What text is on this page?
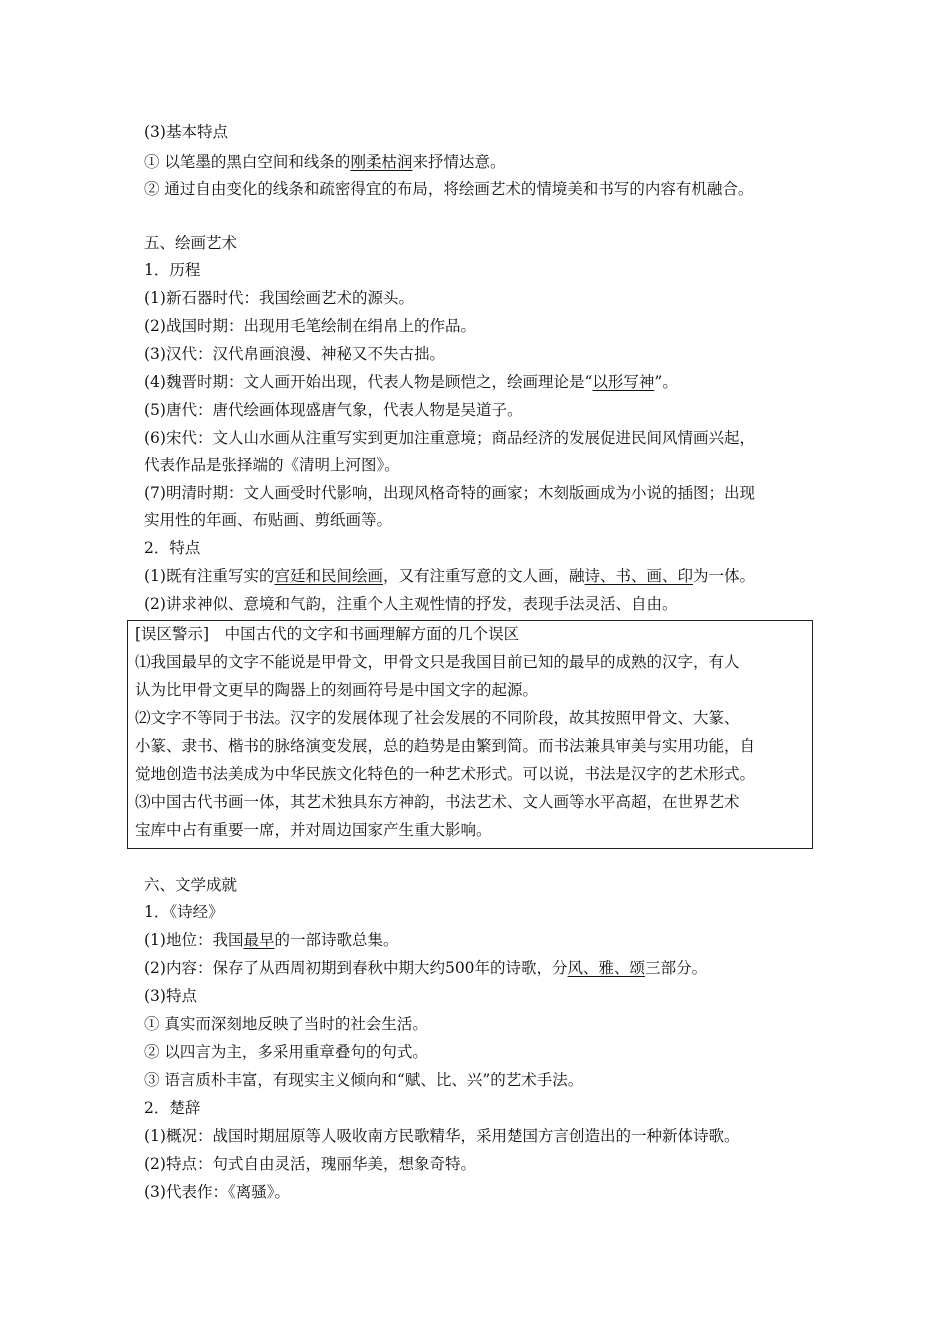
(3)基本特点
① 以笔墨的黑白空间和线条的刚柔枯润来抒情达意。
② 通过自由变化的线条和疏密得宜的布局，将绘画艺术的情境美和书写的内容有机融合。
五、绘画艺术
1．历程
(1)新石器时代：我国绘画艺术的源头。
(2)战国时期：出现用毛笔绘制在绢帛上的作品。
(3)汉代：汉代帛画浪漫、神秘又不失古拙。
(4)魏晋时期：文人画开始出现，代表人物是顾恺之，绘画理论是“以形写神”。
(5)唐代：唐代绘画体现盛唐气象，代表人物是吴道子。
(6)宋代：文人山水画从注重写实到更加注重意境；商品经济的发展促进民间风情画兴起，
代表作品是张择端的《清明上河图》。
(7)明清时期：文人画受时代影响，出现风格奇特的画家；木刻版画成为小说的插图；出现
实用性的年画、布贴画、剪纸画等。
2．特点
(1)既有注重写实的宫廷和民间绘画，又有注重写意的文人画，融诗、书、画、印为一体。
(2)讲求神似、意境和气韵，注重个人主观性情的抒发，表现手法灵活、自由。
[误区警示]　中国古代的文字和书画理解方面的几个误区
⑴我国最早的文字不能说是甲骨文，甲骨文只是我国目前已知的最早的成熟的汉字，有人
认为比甲骨文更早的陶器上的刻画符号是中国文字的起源。
⑵文字不等同于书法。汉字的发展体现了社会发展的不同阶段，故其按照甲骨文、大篆、
小篆、隶书、楷书的脉络演变发展，总的趋势是由繁到简。而书法兼具审美与实用功能，自
觉地创造书法美成为中华民族文化特色的一种艺术形式。可以说，书法是汉字的艺术形式。
⑶中国古代书画一体，其艺术独具东方神韵，书法艺术、文人画等水平高超，在世界艺术
宝库中占有重要一席，并对周边国家产生重大影响。
六、文学成就
1．《诗经》
(1)地位：我国最早的一部诗歌总集。
(2)内容：保存了从西周初期到春秋中期大约500年的诗歌，分风、雅、颂三部分。
(3)特点
① 真实而深刻地反映了当时的社会生活。
② 以四言为主，多采用重章叠句的句式。
③ 语言质朴丰富，有现实主义倾向和“赋、比、兴”的艺术手法。
2．楚辞
(1)概况：战国时期屈原等人吸收南方民歌精华，采用楚国方言创造出的一种新体诗歌。
(2)特点：句式自由灵活，瑰丽华美，想象奇特。
(3)代表作：《离骚》。
